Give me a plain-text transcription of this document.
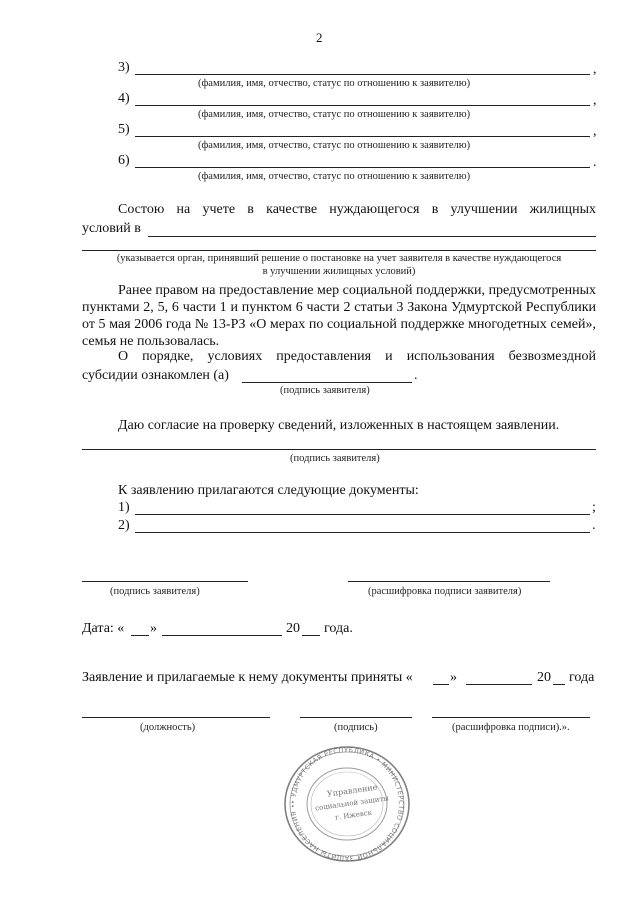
2
3)	,
(фамилия, имя, отчество, статус по отношению к заявителю)
4)	,
(фамилия, имя, отчество, статус по отношению к заявителю)
5)	,
(фамилия, имя, отчество, статус по отношению к заявителю)
6)	.
(фамилия, имя, отчество, статус по отношению к заявителю)
Состою на учете в качестве нуждающегося в улучшении жилищных
условий в
(указывается орган, принявший решение о постановке на учет заявителя в качестве нуждающегося
в улучшении жилищных условий)
Ранее правом на предоставление мер социальной поддержки, предусмотренных пунктами 2, 5, 6 части 1 и пунктом 6 части 2 статьи 3 Закона Удмуртской Республики от 5 мая 2006 года № 13-РЗ «О мерах по социальной поддержке многодетных семей», семья не пользовалась.
О порядке, условиях предоставления и использования безвозмездной
субсидии ознакомлен (а)	.
(подпись заявителя)
Даю согласие на проверку сведений, изложенных в настоящем заявлении.
(подпись заявителя)
К заявлению прилагаются следующие документы:
1)	;
2)	.
(подпись заявителя)	(расшифровка подписи заявителя)
Дата: « »	20 года.
Заявление и прилагаемые к нему документы приняты «	»	20 года
(должность)	(подпись)	(расшифровка подписи).».
• УДМУРТСКАЯ РЕСПУБЛИКА • МИНИСТЕРСТВО СОЦИАЛЬНОЙ ЗАЩИТЫ НАСЕЛЕНИЯ •
Управление
социальной защиты
г. Ижевск
